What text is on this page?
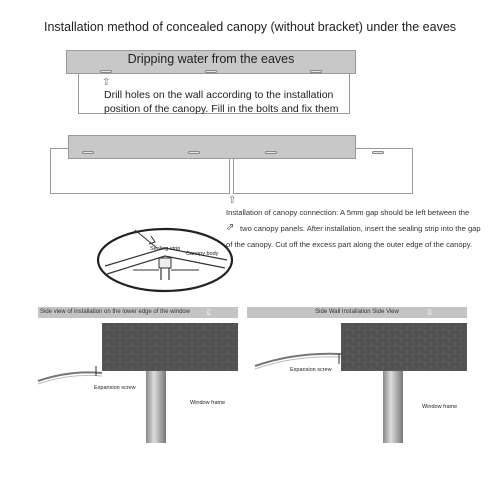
Installation method of concealed canopy (without bracket) under the eaves
Dripping water from the eaves
⇧
Drill holes on the wall according to the installation
position of the canopy. Fill in the bolts and fix them
⇧
Installation of canopy connection: A 5mm gap should be left between the
two canopy panels. After installation, insert the sealing strip into the gap
of the canopy. Cut off the excess part along the outer edge of the canopy.
⇗
Sealing strip
Canopy body
Side view of installation on the lower edge of the window ⇩
Expansion screw
Window frame
Side Wall Installation Side View	⇩
Expansion screw
Window frame
